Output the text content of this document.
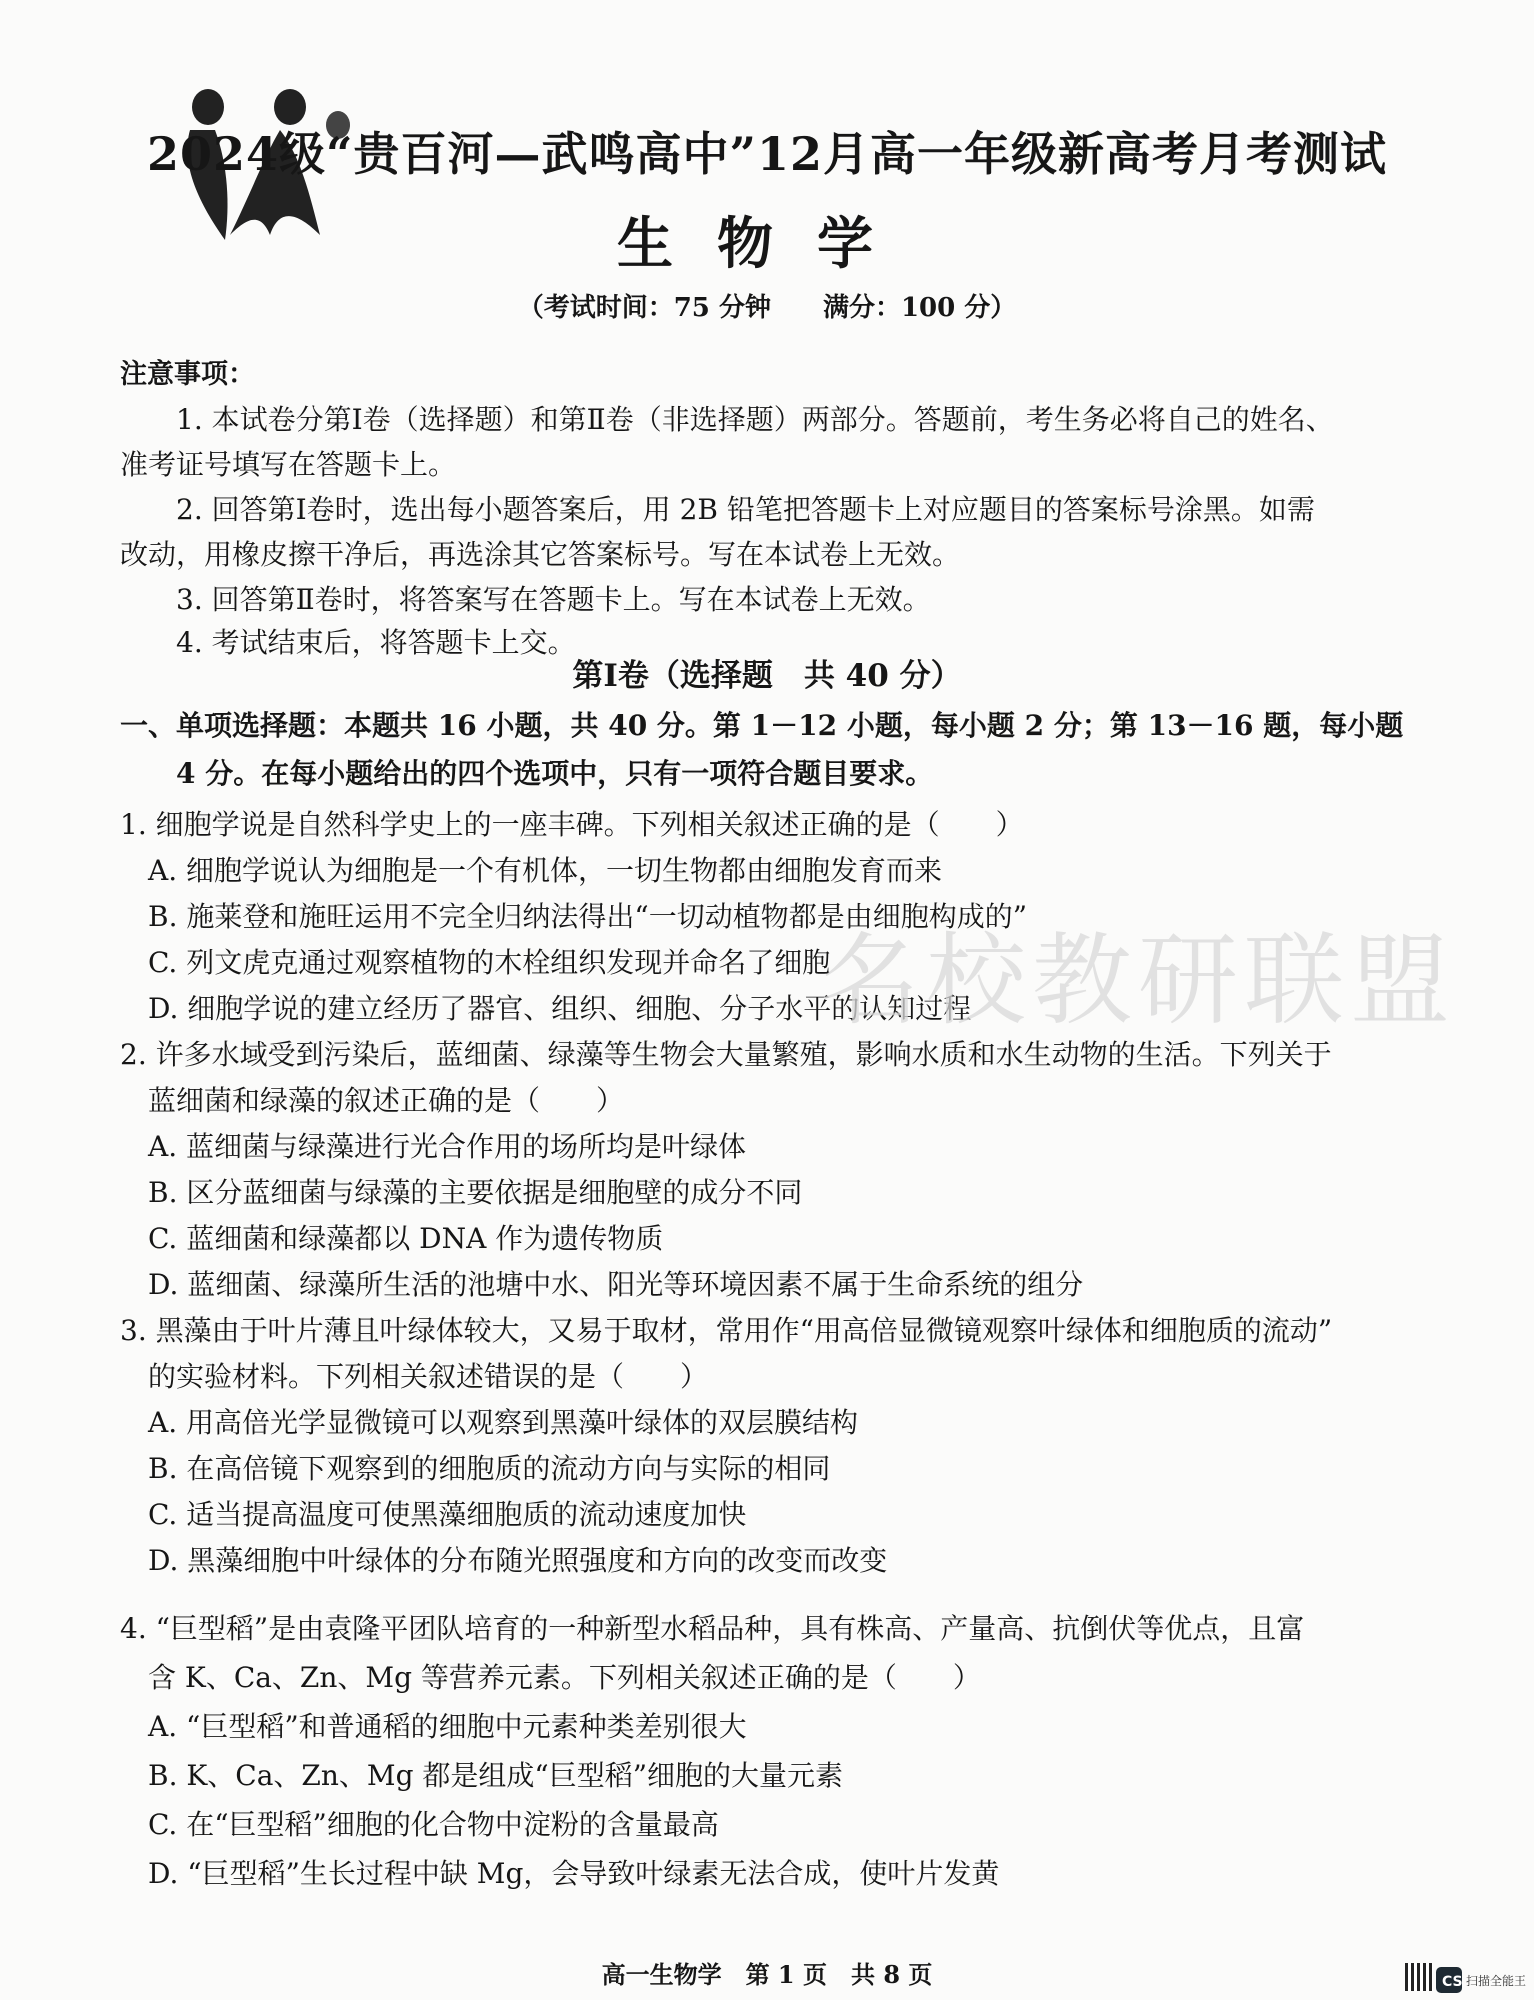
2024级“贵百河—武鸣高中”12月高一年级新高考月考测试
生物学
（考试时间：75 分钟　　满分：100 分）
注意事项：
1. 本试卷分第Ⅰ卷（选择题）和第Ⅱ卷（非选择题）两部分。答题前，考生务必将自己的姓名、
准考证号填写在答题卡上。
2. 回答第Ⅰ卷时，选出每小题答案后，用 2B 铅笔把答题卡上对应题目的答案标号涂黑。如需
改动，用橡皮擦干净后，再选涂其它答案标号。写在本试卷上无效。
3. 回答第Ⅱ卷时，将答案写在答题卡上。写在本试卷上无效。
4. 考试结束后，将答题卡上交。
第Ⅰ卷（选择题　共 40 分）
一、单项选择题：本题共 16 小题，共 40 分。第 1－12 小题，每小题 2 分；第 13－16 题，每小题
4 分。在每小题给出的四个选项中，只有一项符合题目要求。
1. 细胞学说是自然科学史上的一座丰碑。下列相关叙述正确的是（　　）
A. 细胞学说认为细胞是一个有机体，一切生物都由细胞发育而来
B. 施莱登和施旺运用不完全归纳法得出“一切动植物都是由细胞构成的”
C. 列文虎克通过观察植物的木栓组织发现并命名了细胞
D. 细胞学说的建立经历了器官、组织、细胞、分子水平的认知过程
2. 许多水域受到污染后，蓝细菌、绿藻等生物会大量繁殖，影响水质和水生动物的生活。下列关于
蓝细菌和绿藻的叙述正确的是（　　）
A. 蓝细菌与绿藻进行光合作用的场所均是叶绿体
B. 区分蓝细菌与绿藻的主要依据是细胞壁的成分不同
C. 蓝细菌和绿藻都以 DNA 作为遗传物质
D. 蓝细菌、绿藻所生活的池塘中水、阳光等环境因素不属于生命系统的组分
3. 黑藻由于叶片薄且叶绿体较大，又易于取材，常用作“用高倍显微镜观察叶绿体和细胞质的流动”
的实验材料。下列相关叙述错误的是（　　）
A. 用高倍光学显微镜可以观察到黑藻叶绿体的双层膜结构
B. 在高倍镜下观察到的细胞质的流动方向与实际的相同
C. 适当提高温度可使黑藻细胞质的流动速度加快
D. 黑藻细胞中叶绿体的分布随光照强度和方向的改变而改变
4. “巨型稻”是由袁隆平团队培育的一种新型水稻品种，具有株高、产量高、抗倒伏等优点，且富
含 K、Ca、Zn、Mg 等营养元素。下列相关叙述正确的是（　　）
A. “巨型稻”和普通稻的细胞中元素种类差别很大
B. K、Ca、Zn、Mg 都是组成“巨型稻”细胞的大量元素
C. 在“巨型稻”细胞的化合物中淀粉的含量最高
D. “巨型稻”生长过程中缺 Mg，会导致叶绿素无法合成，使叶片发黄
名校教研联盟
高一生物学　第 1 页　共 8 页	CS 扫描全能王
